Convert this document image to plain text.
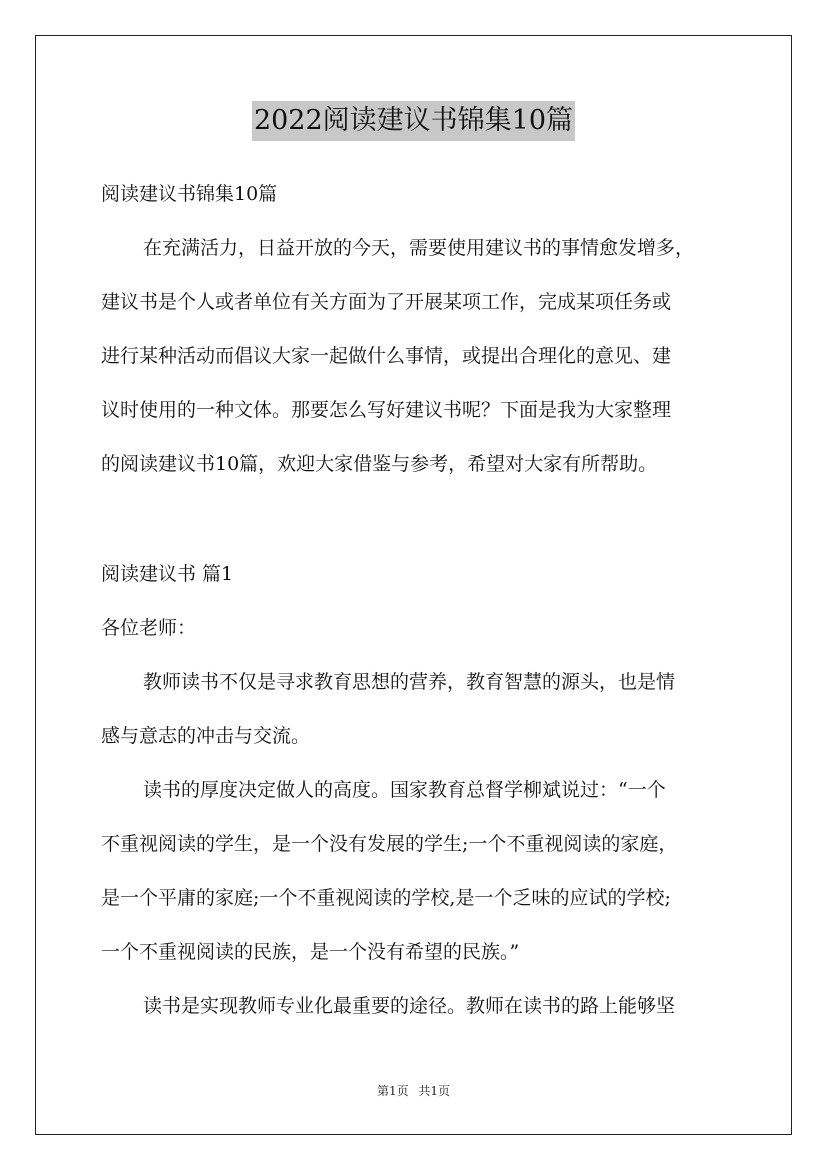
2022阅读建议书锦集10篇
阅读建议书锦集10篇
在充满活力，日益开放的今天，需要使用建议书的事情愈发增多，
建议书是个人或者单位有关方面为了开展某项工作，完成某项任务或
进行某种活动而倡议大家一起做什么事情，或提出合理化的意见、建
议时使用的一种文体。那要怎么写好建议书呢？下面是我为大家整理
的阅读建议书10篇，欢迎大家借鉴与参考，希望对大家有所帮助。
阅读建议书 篇1
各位老师：
教师读书不仅是寻求教育思想的营养，教育智慧的源头，也是情
感与意志的冲击与交流。
读书的厚度决定做人的高度。国家教育总督学柳斌说过：“一个
不重视阅读的学生，是一个没有发展的学生;一个不重视阅读的家庭，
是一个平庸的家庭;一个不重视阅读的学校,是一个乏味的应试的学校;
一个不重视阅读的民族，是一个没有希望的民族。”
读书是实现教师专业化最重要的途径。教师在读书的路上能够坚
第1页 共1页
